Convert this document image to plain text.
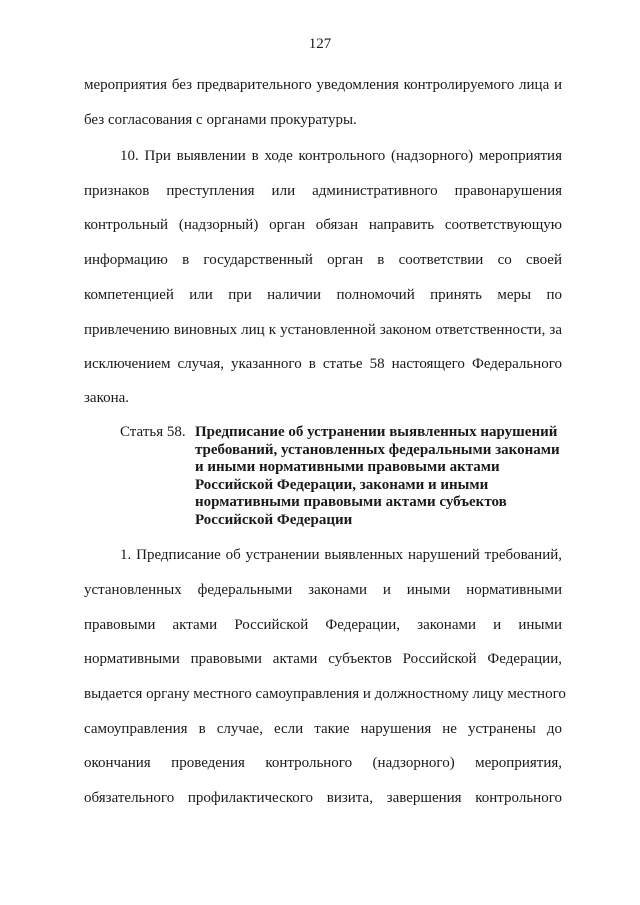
127
мероприятия без предварительного уведомления контролируемого лица и
без согласования с органами прокуратуры.
10. При выявлении в ходе контрольного (надзорного) мероприятия
признаков преступления или административного правонарушения
контрольный (надзорный) орган обязан направить соответствующую
информацию в государственный орган в соответствии со своей
компетенцией или при наличии полномочий принять меры по
привлечению виновных лиц к установленной законом ответственности, за
исключением случая, указанного в статье 58 настоящего Федерального
закона.
Статья 58. Предписание об устранении выявленных нарушений
требований, установленных федеральными законами
и иными нормативными правовыми актами
Российской Федерации, законами и иными
нормативными правовыми актами субъектов
Российской Федерации
1. Предписание об устранении выявленных нарушений требований,
установленных федеральными законами и иными нормативными
правовыми актами Российской Федерации, законами и иными
нормативными правовыми актами субъектов Российской Федерации,
выдается органу местного самоуправления и должностному лицу местного
самоуправления в случае, если такие нарушения не устранены до
окончания проведения контрольного (надзорного) мероприятия,
обязательного профилактического визита, завершения контрольного
